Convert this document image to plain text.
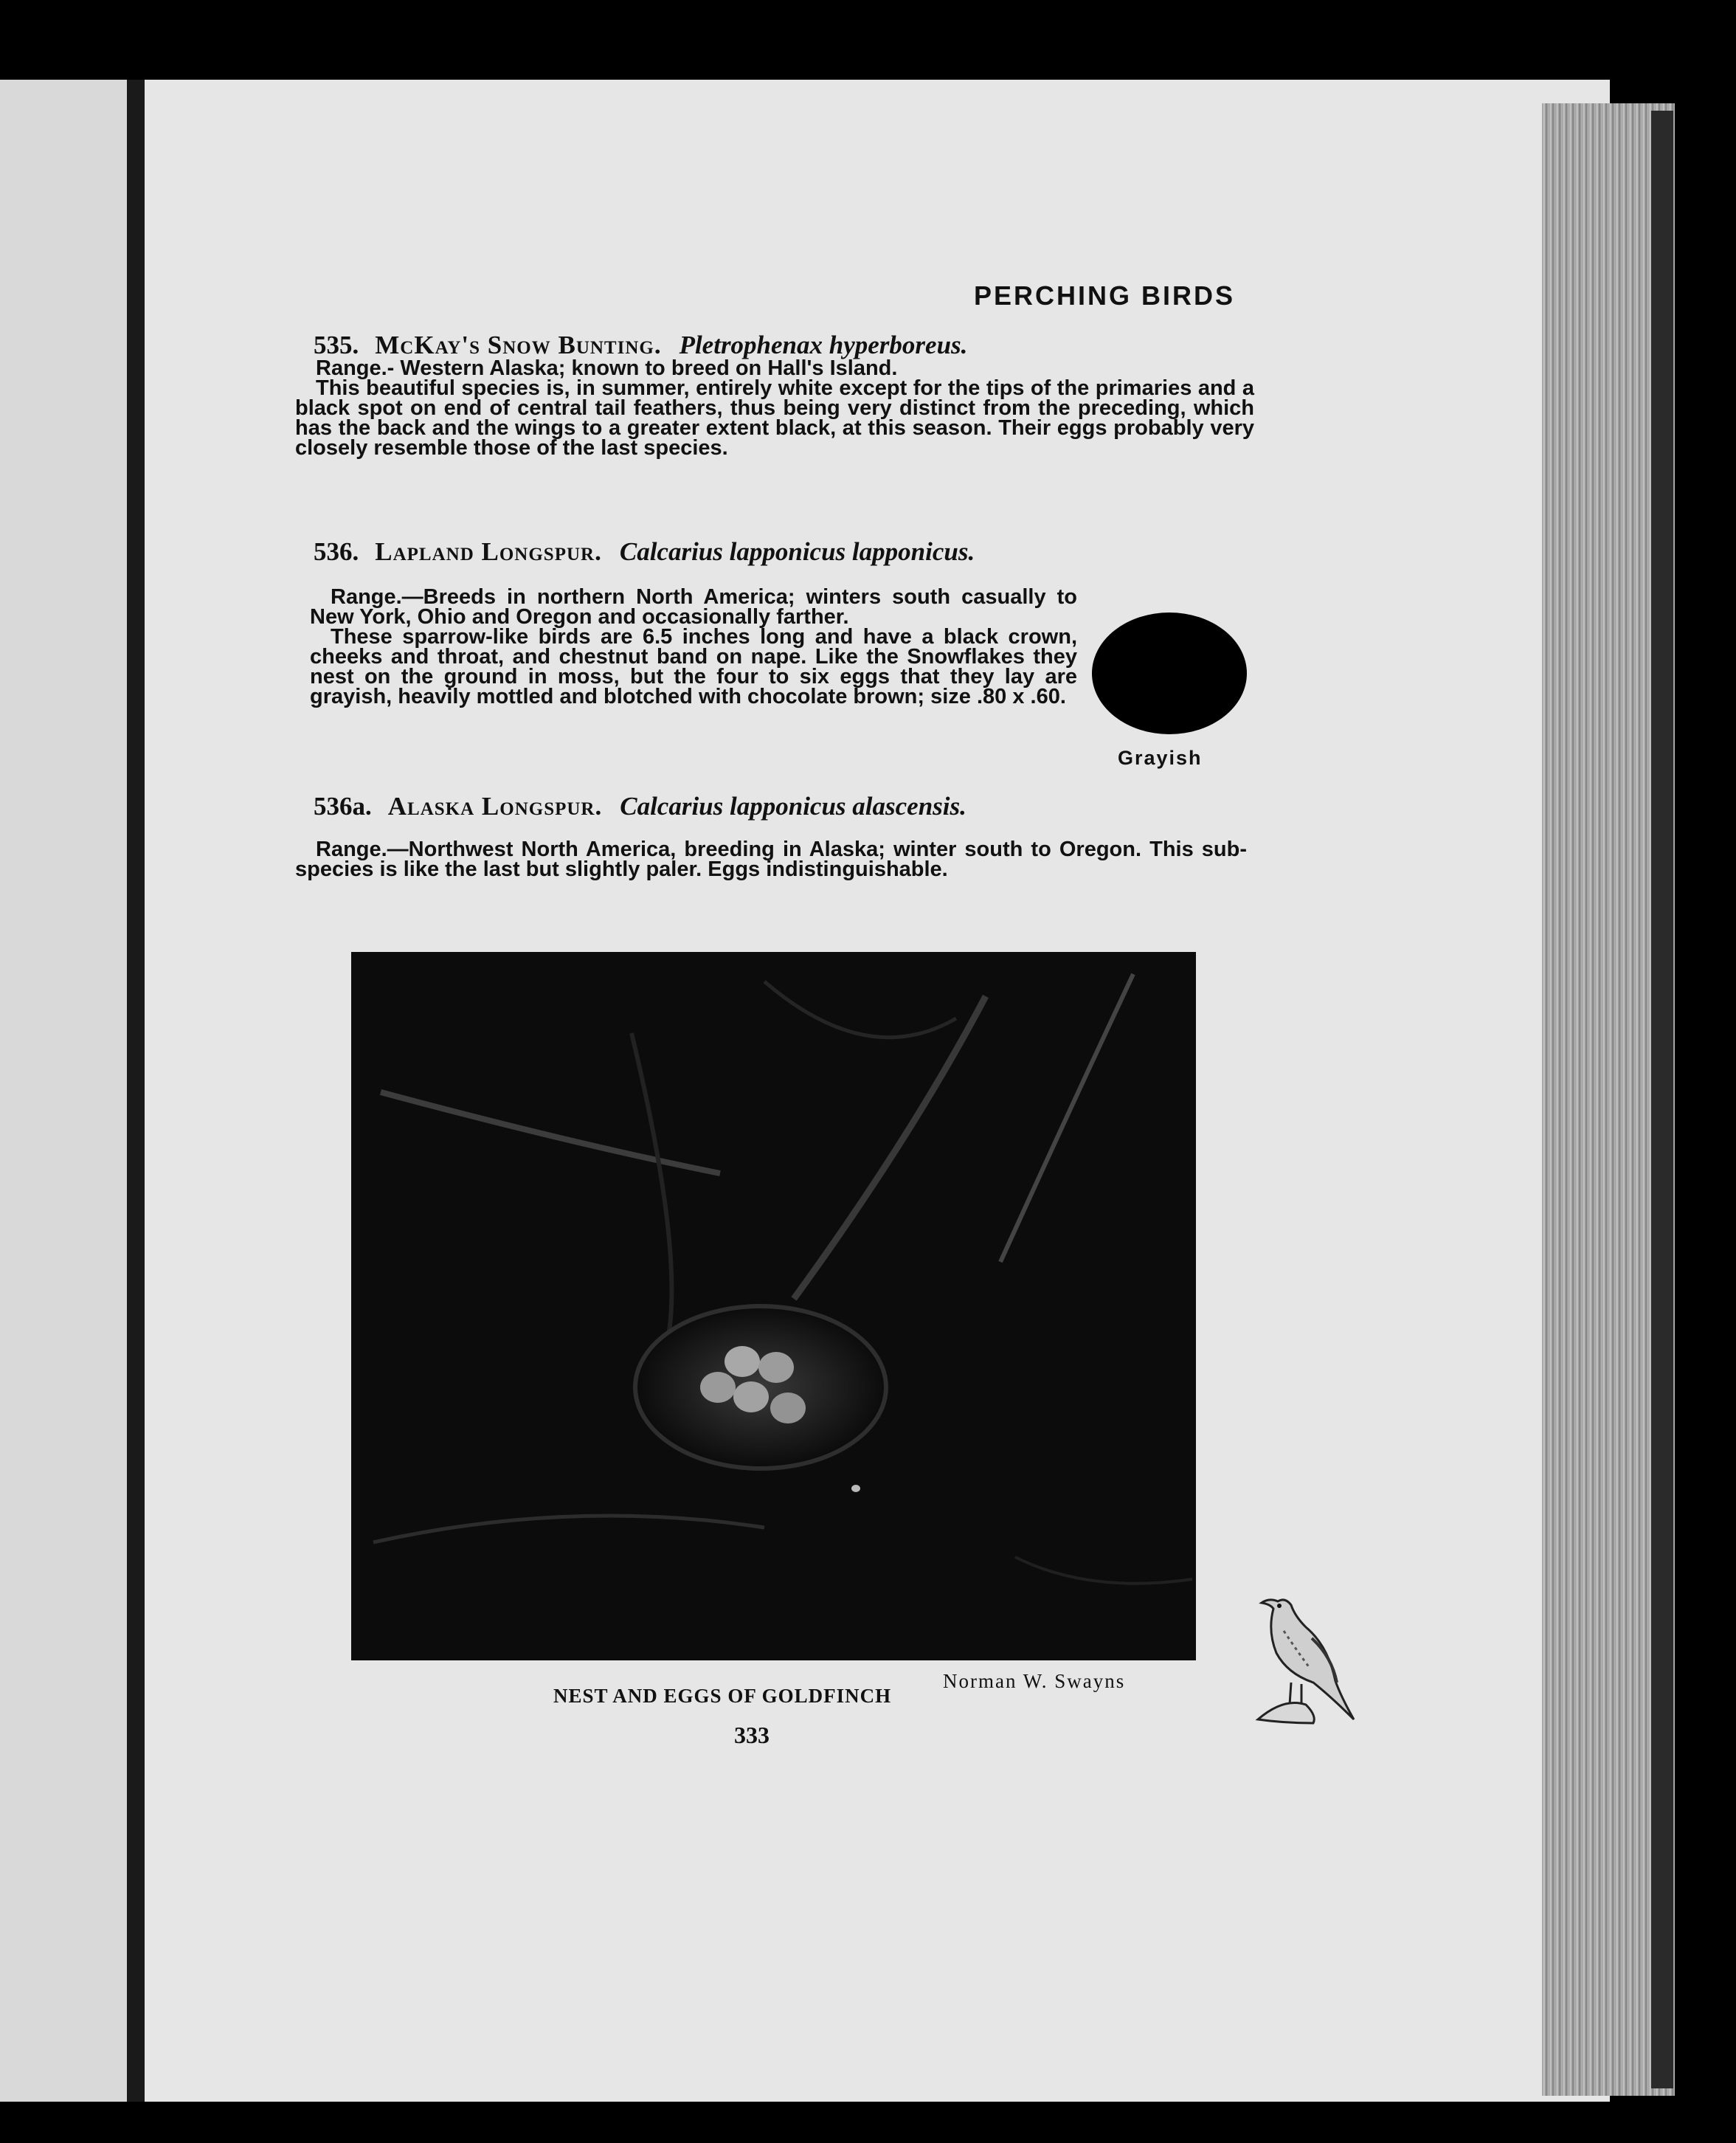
PERCHING BIRDS
535. McKay's Snow Bunting. Pletrophenax hyperboreus.

Range.- Western Alaska; known to breed on Hall's Island.

This beautiful species is, in summer, entirely white except for the tips of the primaries and a black spot on end of central tail feathers, thus being very distinct from the preceding, which has the back and the wings to a greater extent black, at this season. Their eggs probably very closely resemble those of the last species.

536. Lapland Longspur. Calcarius lapponicus lapponicus.

Range.—Breeds in northern North America; winters south casually to New York, Ohio and Oregon and occasionally farther.

These sparrow-like birds are 6.5 inches long and have a black crown, cheeks and throat, and chestnut band on nape. Like the Snowflakes they nest on the ground in moss, but the four to six eggs that they lay are grayish, heavily mottled and blotched with chocolate brown; size .80 x .60.

Grayish
536a. Alaska Longspur. Calcarius lapponicus alascensis.

Range.—Northwest North America, breeding in Alaska; winter south to Oregon. This sub-species is like the last but slightly paler. Eggs indistinguishable.

Norman W. Swayns
NEST AND EGGS OF GOLDFINCH
333
